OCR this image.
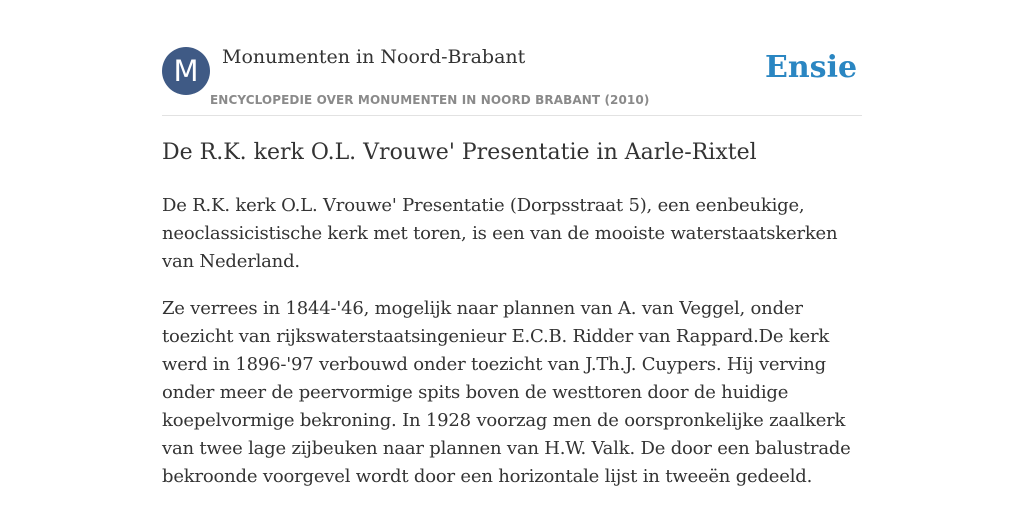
M	Monumenten in Noord-Brabant
ENCYCLOPEDIE OVER MONUMENTEN IN NOORD BRABANT (2010)
Ensie
De R.K. kerk O.L. Vrouwe' Presentatie in Aarle-Rixtel

De R.K. kerk O.L. Vrouwe' Presentatie (Dorpsstraat 5), een eenbeukige, neoclassicistische kerk met toren, is een van de mooiste waterstaatskerken van Nederland.

Ze verrees in 1844-'46, mogelijk naar plannen van A. van Veggel, onder toezicht van rijkswaterstaatsingenieur E.C.B. Ridder van Rappard.De kerk werd in 1896-'97 verbouwd onder toezicht van J.Th.J. Cuypers. Hij verving onder meer de peervormige spits boven de westtoren door de huidige koepelvormige bekroning. In 1928 voorzag men de oorspronkelijke zaalkerk van twee lage zijbeuken naar plannen van H.W. Valk. De door een balustrade bekroonde voorgevel wordt door een horizontale lijst in tweeën gedeeld.
